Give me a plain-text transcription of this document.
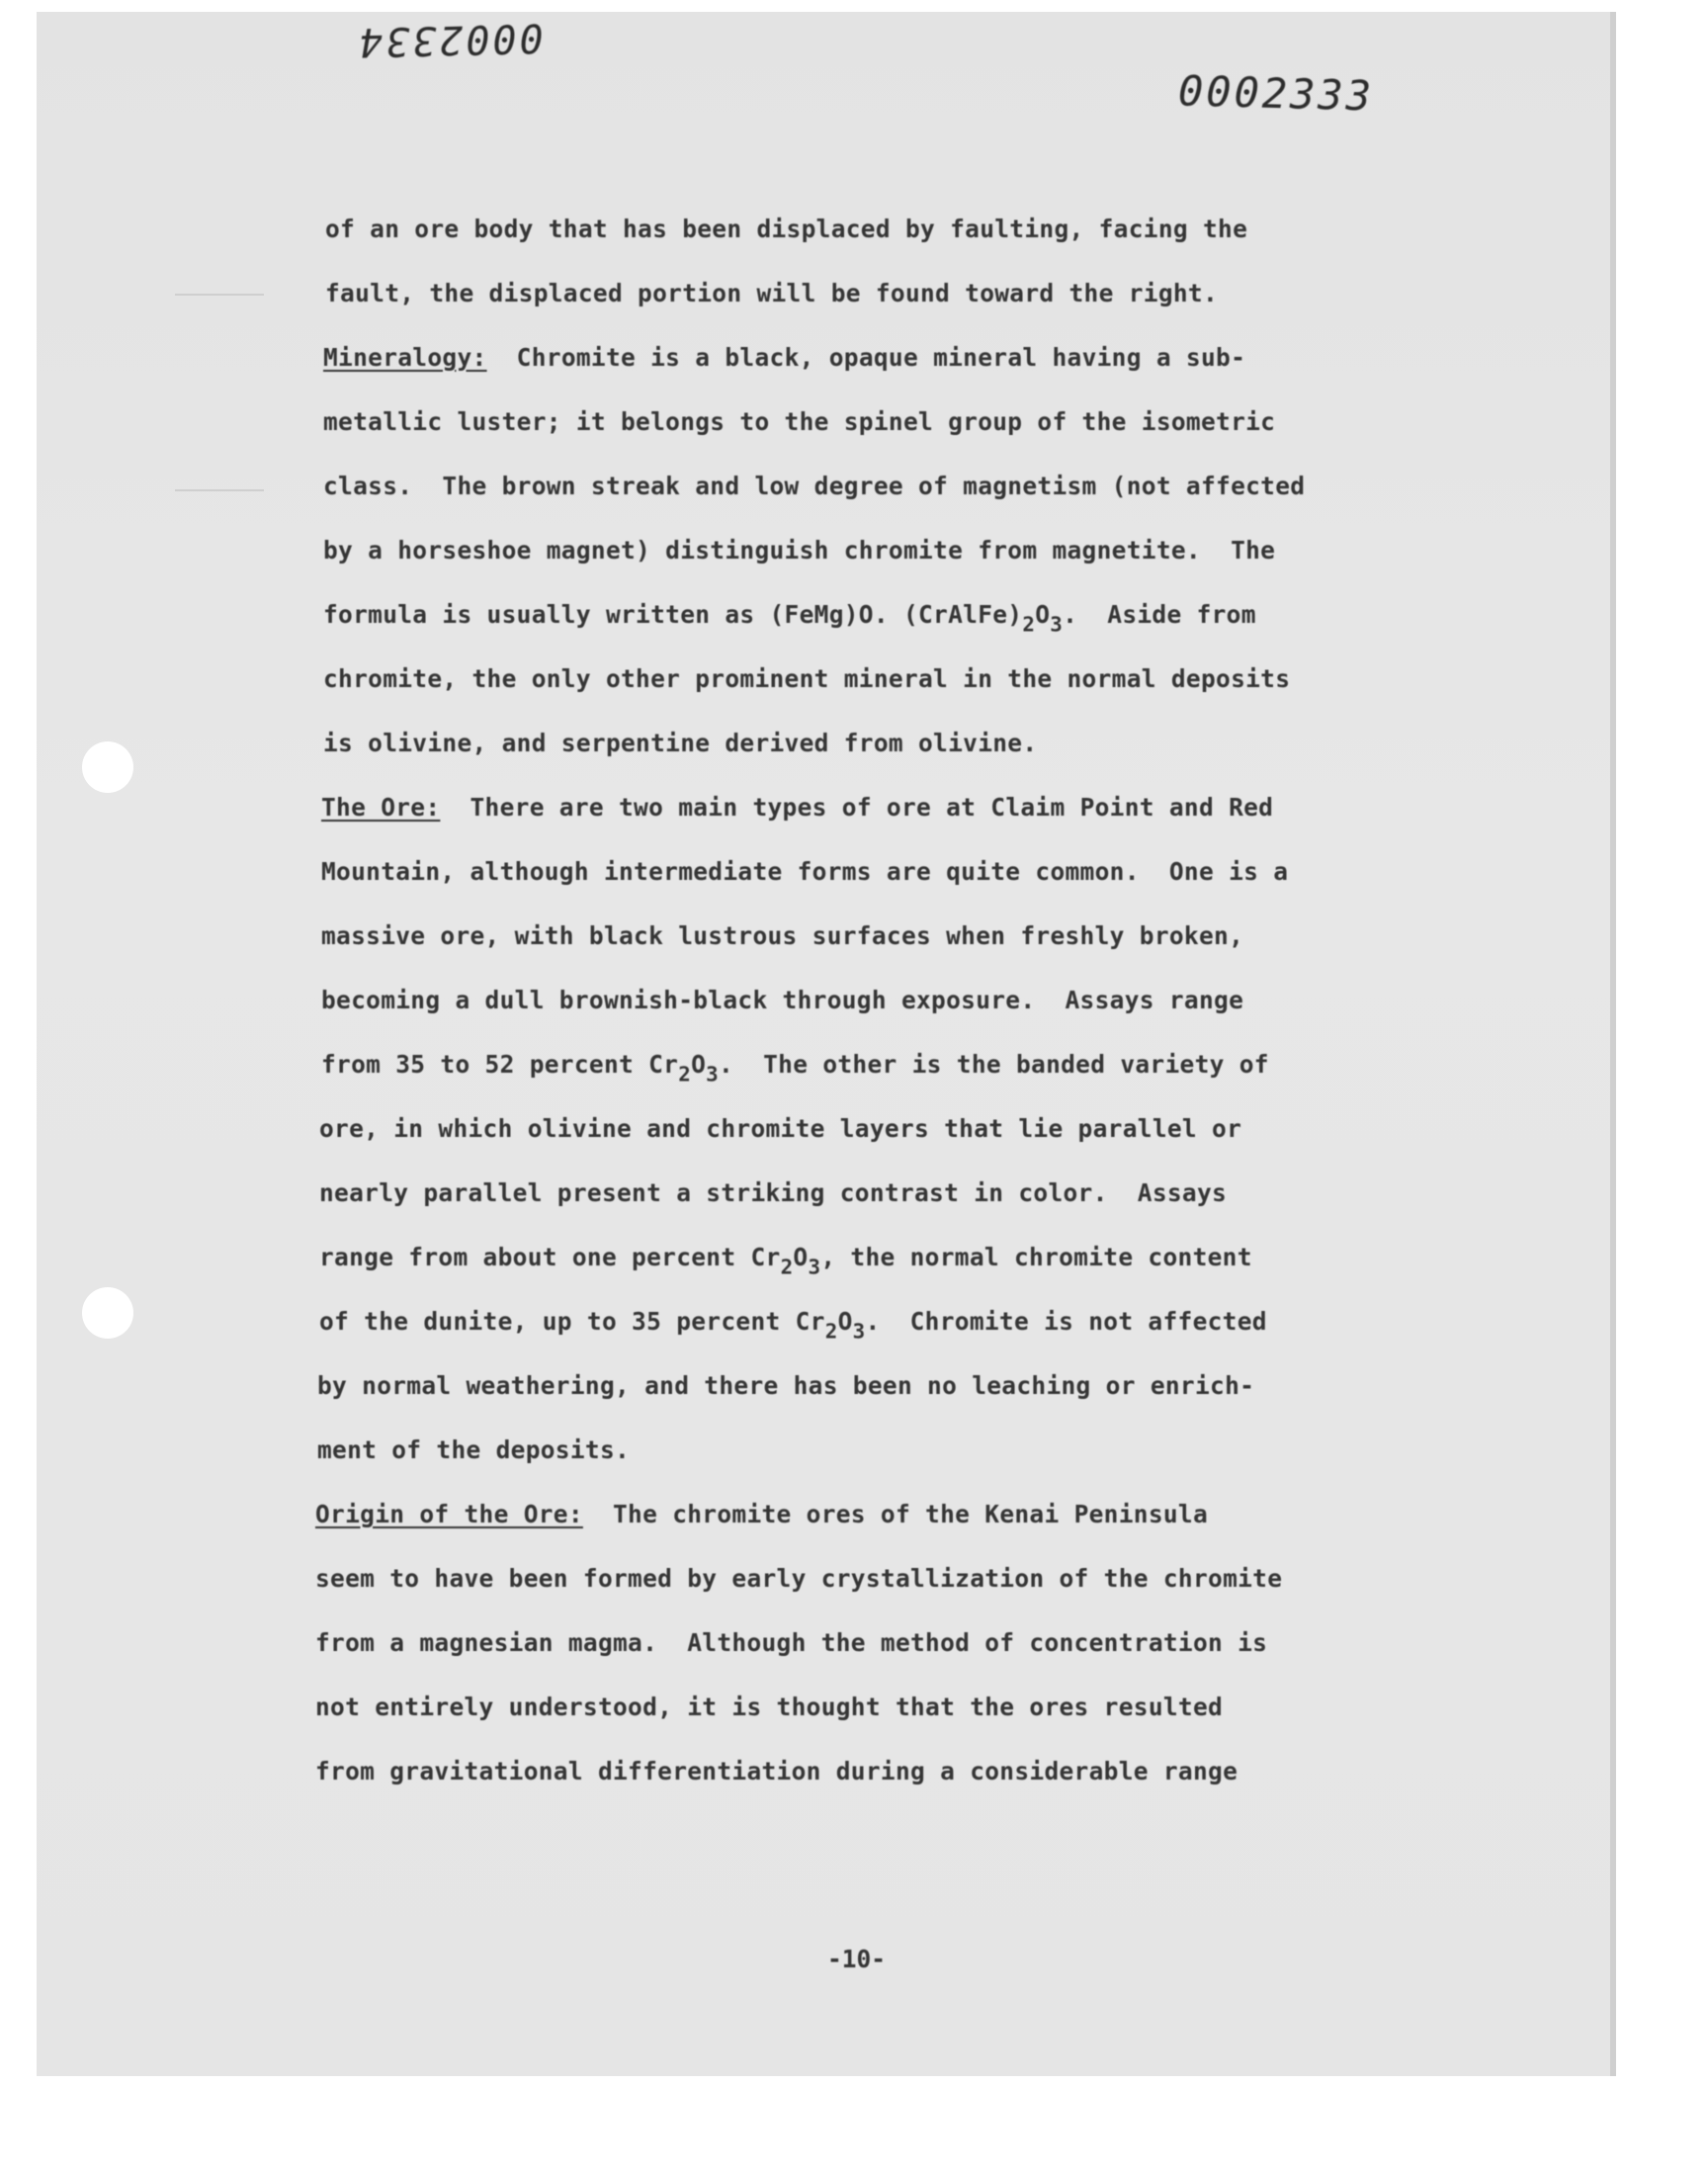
0002334
0002333
of an ore body that has been displaced by faulting, facing the
fault, the displaced portion will be found toward the right.
Mineralogy:  Chromite is a black, opaque mineral having a sub-
metallic luster; it belongs to the spinel group of the isometric
class.  The brown streak and low degree of magnetism (not affected
by a horseshoe magnet) distinguish chromite from magnetite.  The
formula is usually written as (FeMg)O. $(CrAlFe)_2O_3$.  Aside from
chromite, the only other prominent mineral in the normal deposits
is olivine, and serpentine derived from olivine.
The Ore:  There are two main types of ore at Claim Point and Red
Mountain, although intermediate forms are quite common.  One is a
massive ore, with black lustrous surfaces when freshly broken,
becoming a dull brownish-black through exposure.  Assays range
from 35 to 52 percent $Cr_2O_3$.  The other is the banded variety of
ore, in which olivine and chromite layers that lie parallel or
nearly parallel present a striking contrast in color.  Assays
range from about one percent $Cr_2O_3$, the normal chromite content
of the dunite, up to 35 percent $Cr_2O_3$.  Chromite is not affected
by normal weathering, and there has been no leaching or enrich-
ment of the deposits.
Origin of the Ore:  The chromite ores of the Kenai Peninsula
seem to have been formed by early crystallization of the chromite
from a magnesian magma.  Although the method of concentration is
not entirely understood, it is thought that the ores resulted
from gravitational differentiation during a considerable range
-10-
